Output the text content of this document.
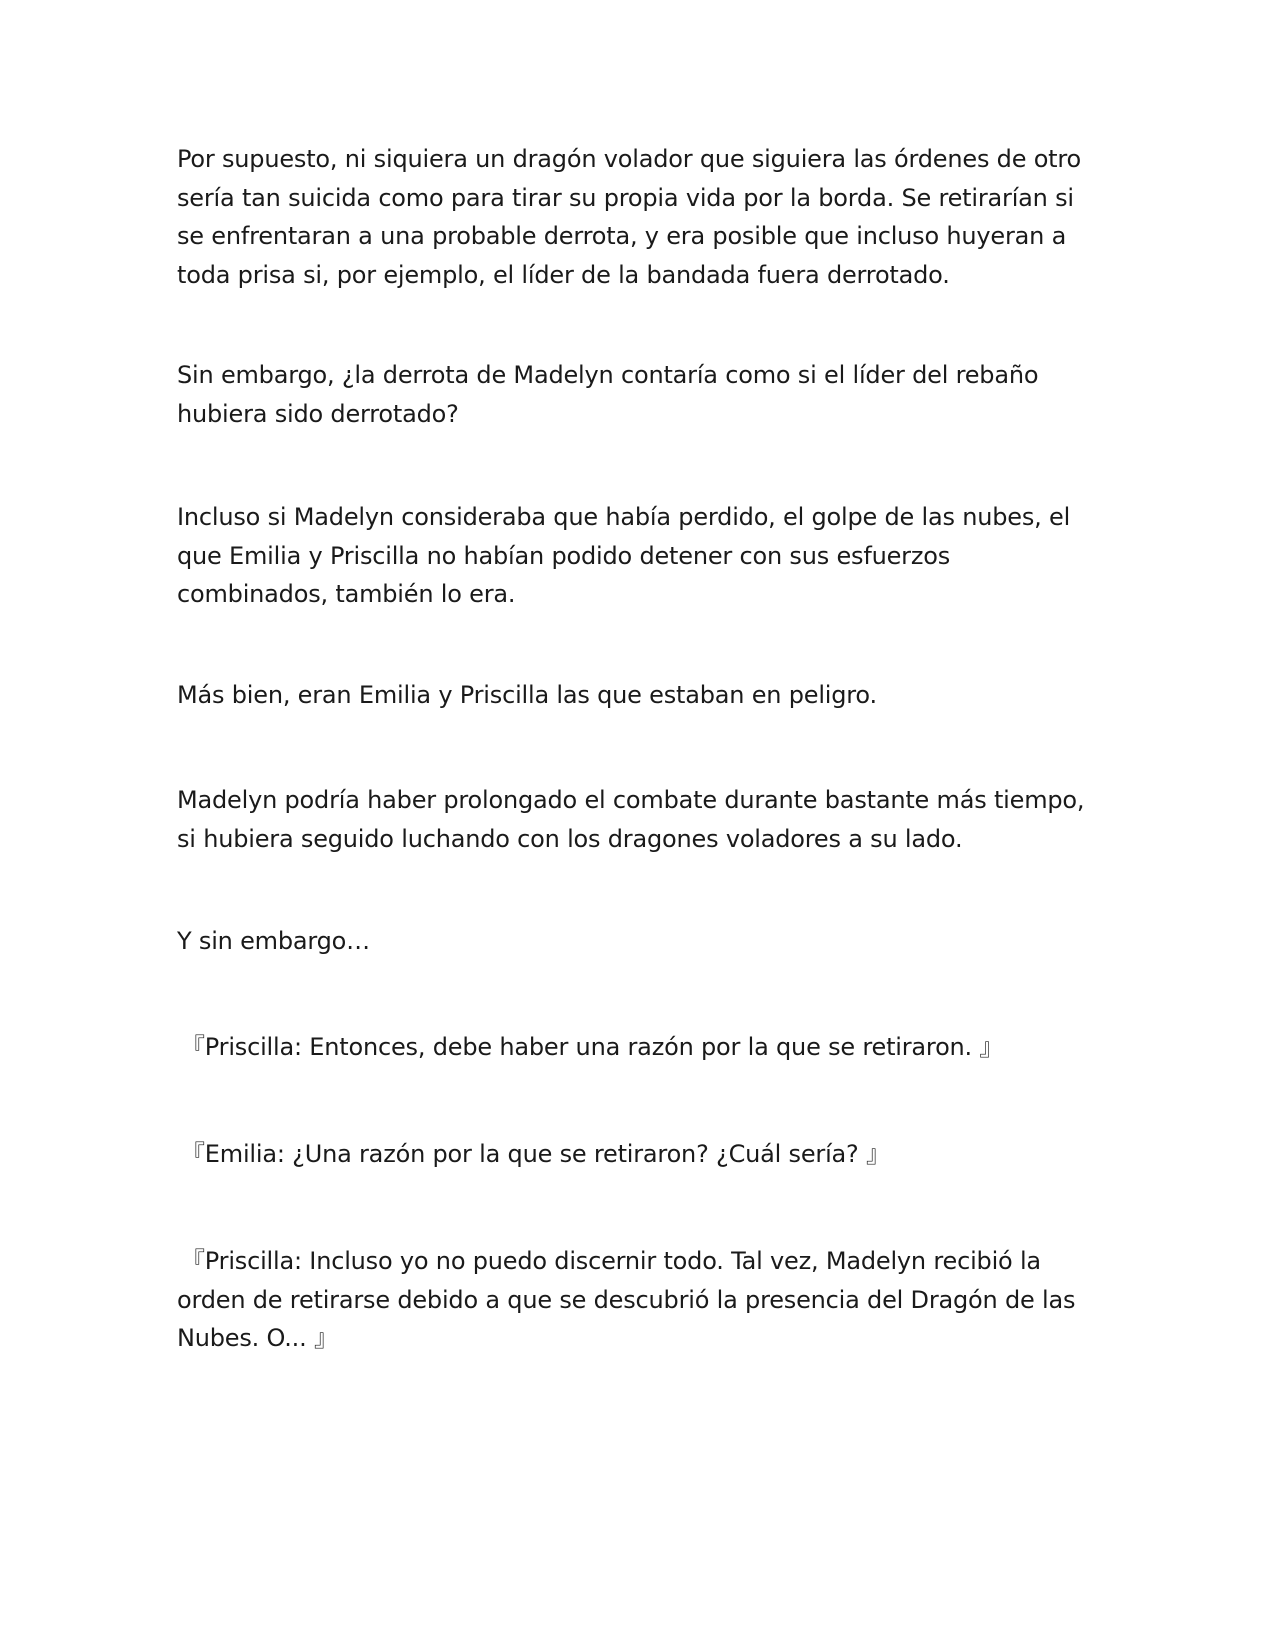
Por supuesto, ni siquiera un dragón volador que siguiera las órdenes de otro
sería tan suicida como para tirar su propia vida por la borda. Se retirarían si
se enfrentaran a una probable derrota, y era posible que incluso huyeran a
toda prisa si, por ejemplo, el líder de la bandada fuera derrotado.

Sin embargo, ¿la derrota de Madelyn contaría como si el líder del rebaño
hubiera sido derrotado?

Incluso si Madelyn consideraba que había perdido, el golpe de las nubes, el
que Emilia y Priscilla no habían podido detener con sus esfuerzos
combinados, también lo era.

Más bien, eran Emilia y Priscilla las que estaban en peligro.

Madelyn podría haber prolongado el combate durante bastante más tiempo,
si hubiera seguido luchando con los dragones voladores a su lado.

Y sin embargo…

『Priscilla: Entonces, debe haber una razón por la que se retiraron. 』

『Emilia: ¿Una razón por la que se retiraron? ¿Cuál sería? 』

『Priscilla: Incluso yo no puedo discernir todo. Tal vez, Madelyn recibió la
orden de retirarse debido a que se descubrió la presencia del Dragón de las
Nubes. O... 』
